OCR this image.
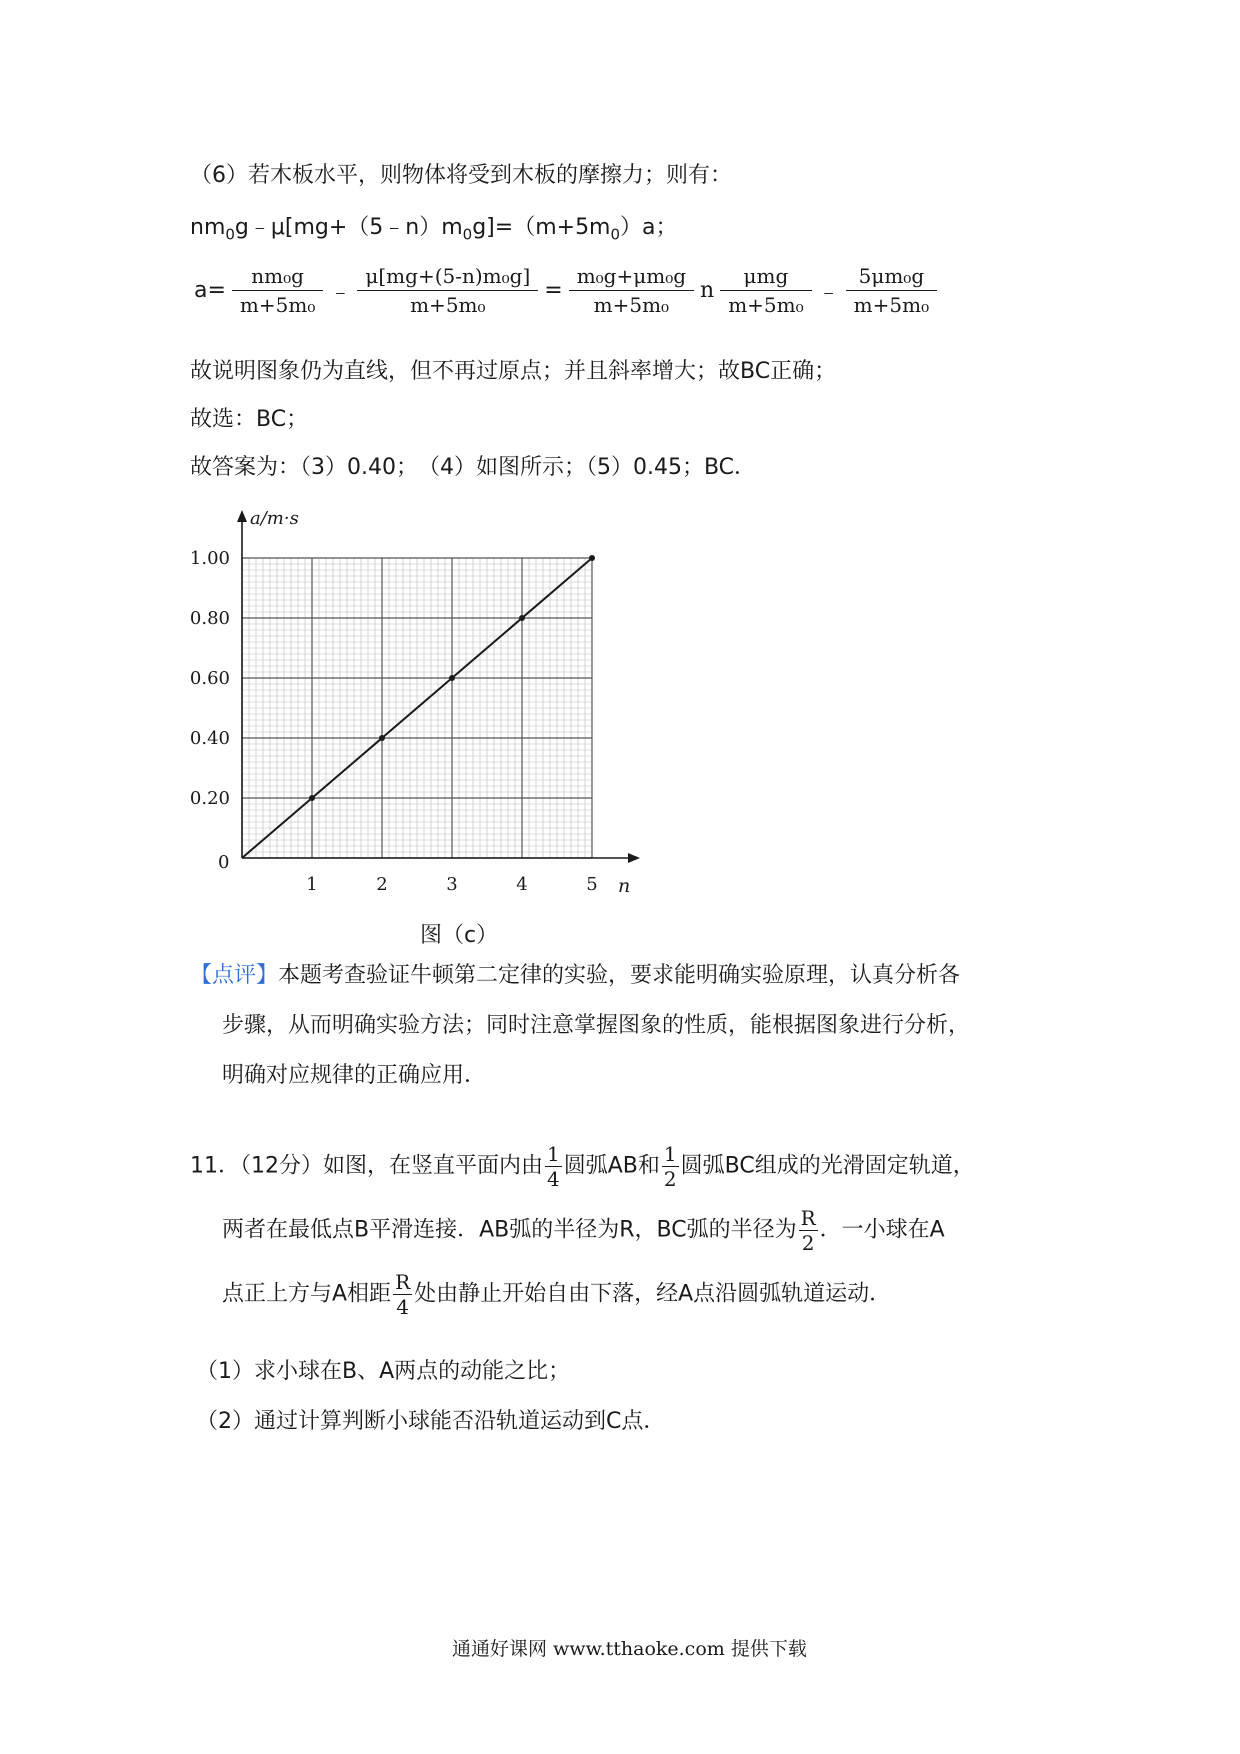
（6）若木板水平，则物体将受到木板的摩擦力；则有：
$nm_0g﹣\mu[mg+(5﹣n)m_0g]=(m+5m_0)a$；
$a= \frac{\text{nm₀g}}{\text{m+5m₀}}$ ﹣ $\frac{\text{μ[mg+(5-n)m₀g]}}{\text{m+5m₀}} = \frac{\text{m₀g+μm₀g}}{\text{m+5m₀}}$ n $\frac{\text{μmg}}{\text{m+5m₀}}$ ﹣ $\frac{\text{5μm₀g}}{\text{m+5m₀}}$
故说明图象仍为直线，但不再过原点；并且斜率增大；故BC正确；
故选：BC；
故答案为：（3）0.40；　（4）如图所示；（5）0.45；BC．
1	2	3	4	5
0.20
0.40
0.60
0.80
1.00
a/m·s
n
0
图（c）
【点评】本题考查验证牛顿第二定律的实验，要求能明确实验原理，认真分析各
步骤，从而明确实验方法；同时注意掌握图象的性质，能根据图象进行分析，
明确对应规律的正确应用．
11．（12分）如图，在竖直平面内由 $\frac{1}{4}$ 圆弧AB和 $\frac{1}{2}$ 圆弧BC组成的光滑固定轨道，
两者在最低点B平滑连接．AB弧的半径为R，BC弧的半径为 $\frac{R}{2}$ ．一小球在A
点正上方与A相距 $\frac{R}{4}$ 处由静止开始自由下落，经A点沿圆弧轨道运动．
（1）求小球在B、A两点的动能之比；
（2）通过计算判断小球能否沿轨道运动到C点．
通通好课网 www.tthaoke.com 提供下载
